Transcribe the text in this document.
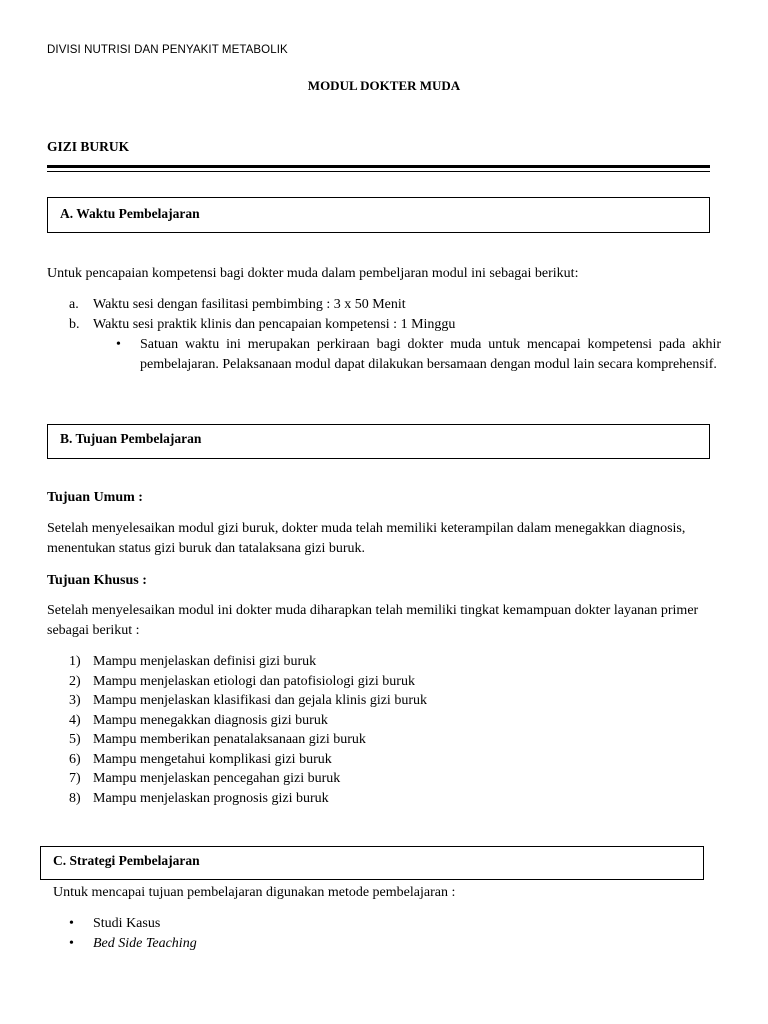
DIVISI NUTRISI DAN PENYAKIT METABOLIK
MODUL DOKTER MUDA
GIZI BURUK
A. Waktu Pembelajaran
Untuk pencapaian kompetensi bagi dokter muda dalam pembeljaran modul ini sebagai berikut:
a. Waktu sesi dengan fasilitasi pembimbing : 3 x 50 Menit
b. Waktu sesi praktik klinis dan pencapaian kompetensi : 1 Minggu
• Satuan waktu ini merupakan perkiraan bagi dokter muda untuk mencapai kompetensi pada akhir pembelajaran. Pelaksanaan modul dapat dilakukan bersamaan dengan modul lain secara komprehensif.
B. Tujuan Pembelajaran
Tujuan Umum :
Setelah menyelesaikan modul gizi buruk, dokter muda telah memiliki keterampilan dalam menegakkan diagnosis, menentukan status gizi buruk dan tatalaksana gizi buruk.
Tujuan Khusus :
Setelah menyelesaikan modul ini dokter muda diharapkan telah memiliki tingkat kemampuan dokter layanan primer sebagai berikut :
1) Mampu menjelaskan definisi gizi buruk
2) Mampu menjelaskan etiologi dan patofisiologi gizi buruk
3) Mampu menjelaskan klasifikasi dan gejala klinis gizi buruk
4) Mampu menegakkan diagnosis gizi buruk
5) Mampu memberikan penatalaksanaan gizi buruk
6) Mampu mengetahui komplikasi gizi buruk
7) Mampu menjelaskan pencegahan gizi buruk
8) Mampu menjelaskan prognosis gizi buruk
C. Strategi Pembelajaran
Untuk mencapai tujuan pembelajaran digunakan metode pembelajaran :
• Studi Kasus
• Bed Side Teaching
